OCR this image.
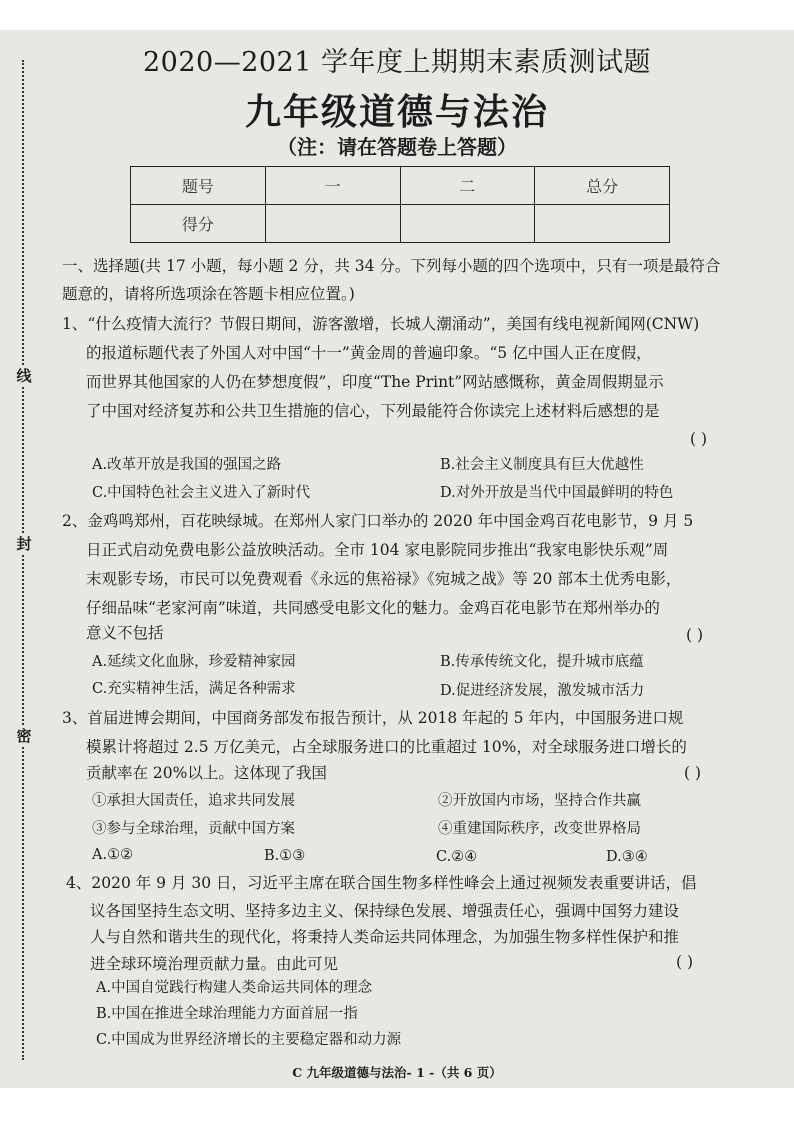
线
封
密
2020—2021 学年度上期期末素质测试题
九年级道德与法治
（注：请在答题卷上答题）
题号	一	二	总分
得分			
一、选择题(共 17 小题，每小题 2 分，共 34 分。下列每小题的四个选项中，只有一项是最符合
题意的，请将所选项涂在答题卡相应位置。)
1、“什么疫情大流行？节假日期间，游客激增，长城人潮涌动”，美国有线电视新闻网(CNW)
的报道标题代表了外国人对中国“十一”黄金周的普遍印象。“5 亿中国人正在度假，
而世界其他国家的人仍在梦想度假”，印度“The Print”网站感慨称，黄金周假期显示
了中国对经济复苏和公共卫生措施的信心，下列最能符合你读完上述材料后感想的是
( )
A.改革开放是我国的强国之路	B.社会主义制度具有巨大优越性
C.中国特色社会主义进入了新时代	D.对外开放是当代中国最鲜明的特色
2、金鸡鸣郑州，百花映绿城。在郑州人家门口举办的 2020 年中国金鸡百花电影节，9 月 5
日正式启动免费电影公益放映活动。全市 104 家电影院同步推出“我家电影快乐观”周
末观影专场，市民可以免费观看《永远的焦裕禄》《宛城之战》等 20 部本土优秀电影，
仔细品味“老家河南”味道，共同感受电影文化的魅力。金鸡百花电影节在郑州举办的
意义不包括	( )
A.延续文化血脉，珍爱精神家园	B.传承传统文化，提升城市底蕴
C.充实精神生活，满足各种需求	D.促进经济发展，激发城市活力
3、首届进博会期间，中国商务部发布报告预计，从 2018 年起的 5 年内，中国服务进口规
模累计将超过 2.5 万亿美元，占全球服务进口的比重超过 10%，对全球服务进口增长的
贡献率在 20%以上。这体现了我国	( )
①承担大国责任，追求共同发展	②开放国内市场，坚持合作共赢
③参与全球治理，贡献中国方案	④重建国际秩序，改变世界格局
A.①②	B.①③	C.②④	D.③④
4、2020 年 9 月 30 日，习近平主席在联合国生物多样性峰会上通过视频发表重要讲话，倡
议各国坚持生态文明、坚持多边主义、保持绿色发展、增强责任心，强调中国努力建设
人与自然和谐共生的现代化，将秉持人类命运共同体理念，为加强生物多样性保护和推
进全球环境治理贡献力量。由此可见	( )
A.中国自觉践行构建人类命运共同体的理念
B.中国在推进全球治理能力方面首屈一指
C.中国成为世界经济增长的主要稳定器和动力源
C 九年级道德与法治- 1 -（共 6 页）
